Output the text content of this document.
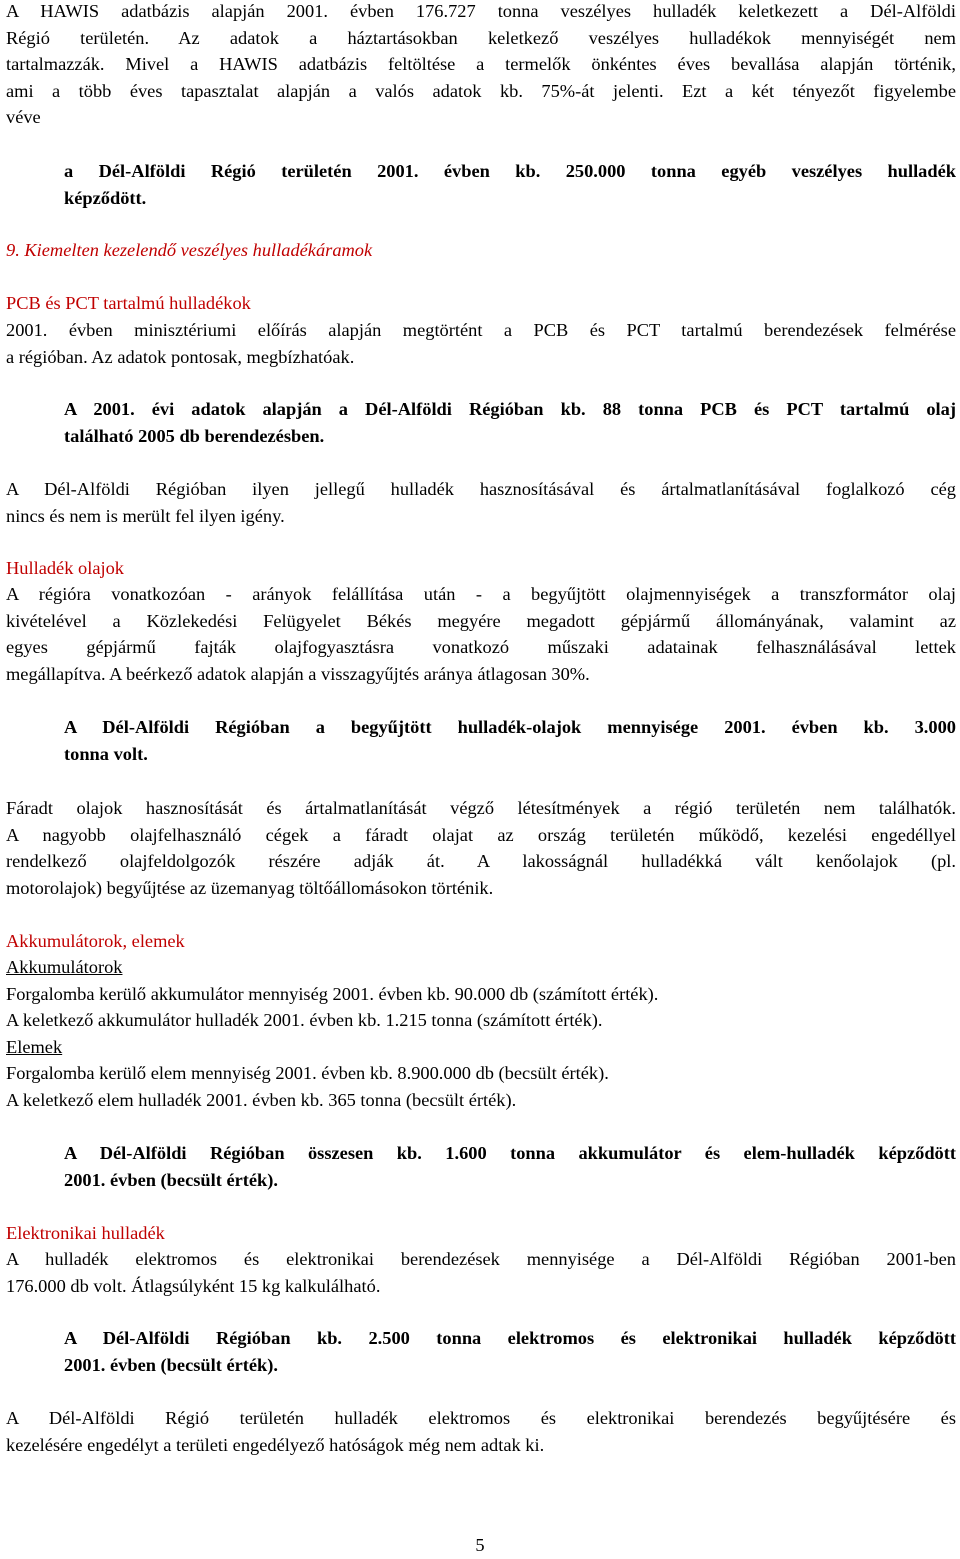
A HAWIS adatbázis alapján 2001. évben 176.727 tonna veszélyes hulladék keletkezett a Dél-Alföldi
Régió területén. Az adatok a háztartásokban keletkező veszélyes hulladékok mennyiségét nem
tartalmazzák. Mivel a HAWIS adatbázis feltöltése a termelők önkéntes éves bevallása alapján történik,
ami a több éves tapasztalat alapján a valós adatok kb. 75%-át jelenti. Ezt a két tényezőt figyelembe
véve
a Dél-Alföldi Régió területén 2001. évben kb. 250.000 tonna egyéb veszélyes hulladék
képződött.
9. Kiemelten kezelendő veszélyes hulladékáramok
PCB és PCT tartalmú hulladékok
2001. évben minisztériumi előírás alapján megtörtént a PCB és PCT tartalmú berendezések felmérése
a régióban. Az adatok pontosak, megbízhatóak.
A 2001. évi adatok alapján a Dél-Alföldi Régióban kb. 88 tonna PCB és PCT tartalmú olaj
található 2005 db berendezésben.
A Dél-Alföldi Régióban ilyen jellegű hulladék hasznosításával és ártalmatlanításával foglalkozó cég
nincs és nem is merült fel ilyen igény.
Hulladék olajok
A régióra vonatkozóan - arányok felállítása után - a begyűjtött olajmennyiségek a transzformátor olaj
kivételével a Közlekedési Felügyelet Békés megyére megadott gépjármű állományának, valamint az
egyes gépjármű fajták olajfogyasztásra vonatkozó műszaki adatainak felhasználásával lettek
megállapítva. A beérkező adatok alapján a visszagyűjtés aránya átlagosan 30%.
A Dél-Alföldi Régióban a begyűjtött hulladék-olajok mennyisége 2001. évben kb. 3.000
tonna volt.
Fáradt olajok hasznosítását és ártalmatlanítását végző létesítmények a régió területén nem találhatók.
A nagyobb olajfelhasználó cégek a fáradt olajat az ország területén működő, kezelési engedéllyel
rendelkező olajfeldolgozók részére adják át. A lakosságnál hulladékká vált kenőolajok (pl.
motorolajok) begyűjtése az üzemanyag töltőállomásokon történik.
Akkumulátorok, elemek
Akkumulátorok
Forgalomba kerülő akkumulátor mennyiség 2001. évben kb. 90.000 db (számított érték).
A keletkező akkumulátor hulladék 2001. évben kb. 1.215 tonna (számított érték).
Elemek
Forgalomba kerülő elem mennyiség 2001. évben kb. 8.900.000 db (becsült érték).
A keletkező elem hulladék 2001. évben kb. 365 tonna (becsült érték).
A Dél-Alföldi Régióban összesen kb. 1.600 tonna akkumulátor és elem-hulladék képződött
2001. évben (becsült érték).
Elektronikai hulladék
A hulladék elektromos és elektronikai berendezések mennyisége a Dél-Alföldi Régióban 2001-ben
176.000 db volt. Átlagsúlyként 15 kg kalkulálható.
A Dél-Alföldi Régióban kb. 2.500 tonna elektromos és elektronikai hulladék képződött
2001. évben (becsült érték).
A Dél-Alföldi Régió területén hulladék elektromos és elektronikai berendezés begyűjtésére és
kezelésére engedélyt a területi engedélyező hatóságok még nem adtak ki.
5
